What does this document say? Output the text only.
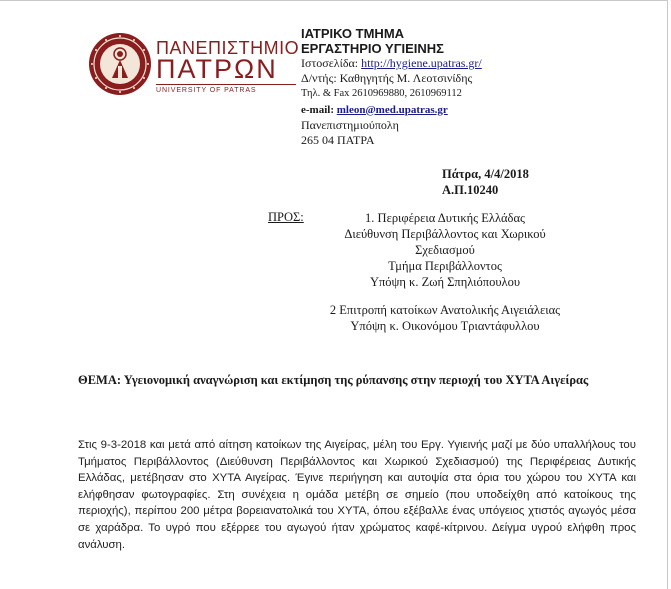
ΠΑΝΕΠΙΣΤΗΜΙΟ
ΠΑΤΡΩΝ
UNIVERSITY OF PATRAS
ΙΑΤΡΙΚΟ ΤΜΗΜΑ
ΕΡΓΑΣΤΗΡΙΟ ΥΓΙΕΙΝΗΣ
Ιστοσελίδα: http://hygiene.upatras.gr/
Δ/ντής: Καθηγητής Μ. Λεοτσινίδης
Τηλ. & Fax 2610969880, 2610969112
e-mail: mleon@med.upatras.gr
Πανεπιστημιούπολη
265 04 ΠΑΤΡΑ
Πάτρα, 4/4/2018
Α.Π.10240
ΠΡΟΣ:	1. Περιφέρεια Δυτικής Ελλάδας
Διεύθυνση Περιβάλλοντος και Χωρικού
Σχεδιασμού
Τμήμα Περιβάλλοντος
Υπόψη κ. Ζωή Σπηλιόπουλου
2 Επιτροπή κατοίκων Ανατολικής Αιγειάλειας
Υπόψη κ. Οικονόμου Τριαντάφυλλου
ΘΕΜΑ: Υγειονομική αναγνώριση και εκτίμηση της ρύπανσης στην περιοχή του ΧΥΤΑ Αιγείρας
Στις 9-3-2018 και μετά από αίτηση κατοίκων της Αιγείρας, μέλη του Εργ. Υγιεινής μαζί με δύο υπαλλήλους του Τμήματος Περιβάλλοντος (Διεύθυνση Περιβάλλοντος και Χωρικού Σχεδιασμού) της Περιφέρειας Δυτικής Ελλάδας, μετέβησαν στο ΧΥΤΑ Αιγείρας. Έγινε περιήγηση και αυτοψία στα όρια του χώρου του ΧΥΤΑ και ελήφθησαν φωτογραφίες. Στη συνέχεια η ομάδα μετέβη σε σημείο (που υποδείχθη από κατοίκους της περιοχής), περίπου 200 μέτρα βορειανατολικά του ΧΥΤΑ, όπου εξέβαλλε ένας υπόγειος χτιστός αγωγός μέσα σε χαράδρα. Το υγρό που εξέρρεε του αγωγού ήταν χρώματος καφέ-κίτρινου. Δείγμα υγρού ελήφθη προς ανάλυση.
